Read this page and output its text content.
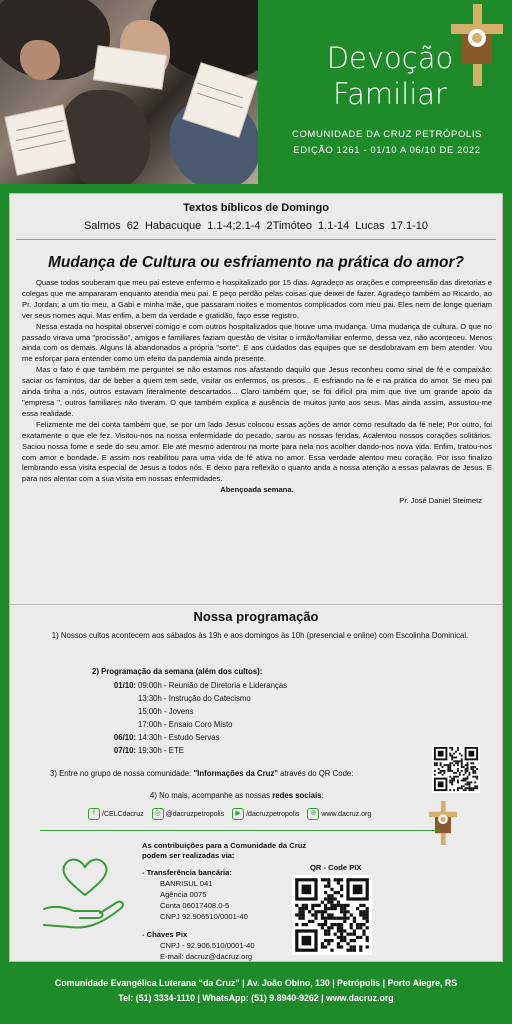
Devoção
Familiar
COMUNIDADE DA CRUZ PETRÓPOLIS
EDIÇÃO 1261 - 01/10 A 06/10 DE 2022
Textos bíblicos de Domingo
Salmos 62 Habacuque 1.1-4;2.1-4 2Timóteo 1.1-14 Lucas 17.1-10
Mudança de Cultura ou esfriamento na prática do amor?

Quase todos souberam que meu pai esteve enfermo e hospitalizado por 15 dias. Agradeço as orações e compreensão das diretorias e colegas que me ampararam enquanto atendia meu pai. E peço perdão pelas coisas que deixei de fazer. Agradeço também ao Ricardo, ao Pr. Jordan; a um tio meu, a Gabi e minha mãe, que passaram noites e momentos complicados com meu pai. Eles nem de longe queriam ver seus nomes aqui. Mas enfim, a bem da verdade e gratidão, faço esse registro.

Nessa estada no hospital observei comigo e com outros hospitalizados que houve uma mudança. Uma mudança de cultura. O que no passado virava uma "procissão", amigos e familiares faziam questão de visitar o irmão/familiar enfermo, dessa vez, não aconteceu. Menos ainda com os demais. Alguns lá abandonados a própria "sorte". E aos cuidados das equipes que se desdobravam em bem atender. Vou me esforçar para entender como um efeito da pandemia ainda presente.

Mas o fato é que também me perguntei se não estamos nos afastando daquilo que Jesus reconheu como sinal de fé e compaixão: saciar os famintos, dar de beber a quem tem sede, visitar os enfermos, os presos... E esfriando na fé e na prática do amor. Se meu pai ainda tinha a nós, outros estavam literalmente descartados... Claro também que, se foi difícil pra mim que tive um grande apoio da "empresa ", outros familiares não tiveram. O que também explica a ausência de muitos junto aos seus. Mas ainda assim, assustou-me essa realidade.

Felizmente me dei conta também que, se por um lado Jesus colocou essas ações de amor como resultado da fé nele; Por outro, foi exatamente o que ele fez. Visitou-nos na nossa enfermidade do pecado, sarou as nossas feridas. Acalentou nossos corações solitários. Saciou nossa fome e sede do seu amor. Ele até mesmo adentrou na morte para nela nos acolher dando-nos nova vida. Enfim, tratou-nos com amor e bondade. E assim nos reabilitou para uma vida de fé ativa no amor. Essa verdade alentou meu coração. Por isso finalizo lembrando essa visita especial de Jesus a todos nós. E deixo para reflexão o quanto anda a nossa atenção a essas palavras de Jesus. E para nos alentar com a sua visita em nossas enfermidades.

Abençoada semana.

Pr. José Daniel Steimetz

Nossa programação
1) Nossos cultos acontecem aos sábados às 19h e aos domingos às 10h (presencial e online) com Escolinha Dominical.
2) Programação da semana (além dos cultos):
01/10: 09:00h - Reunião de Diretoria e Lideranças
13:30h - Instrução do Catecismo
15:00h - Jovens
17:00h - Ensaio Coro Misto
06/10: 14:30h - Estudo Servas
07/10: 19:30h - ETE
3) Entre no grupo de nossa comunidade: "Informações da Cruz" através do QR Code:
4) No mais, acompanhe as nossas redes sociais:
f	/CELCdacruz	◎ @dacruzpetropolis	▶ /dacruzpetropolis	⊕ www.dacruz.org
As contribuições para a Comunidade da Cruz
podem ser realizadas via:
- Transferência bancária:
BANRISUL 041
Agência 0075
Conta 06017408.0-5
CNPJ 92.906510/0001-40
- Chaves Pix
CNPJ - 92.906.510/0001-40
E-mail: dacruz@dacruz.org
QR - Code PIX
Comunidade Evangélica Luterana “da Cruz” | Av. João Obino, 130 | Petrópolis | Porto Alegre, RS
Tel: (51) 3334-1110 | WhatsApp: (51) 9.8940-9262 | www.dacruz.org
